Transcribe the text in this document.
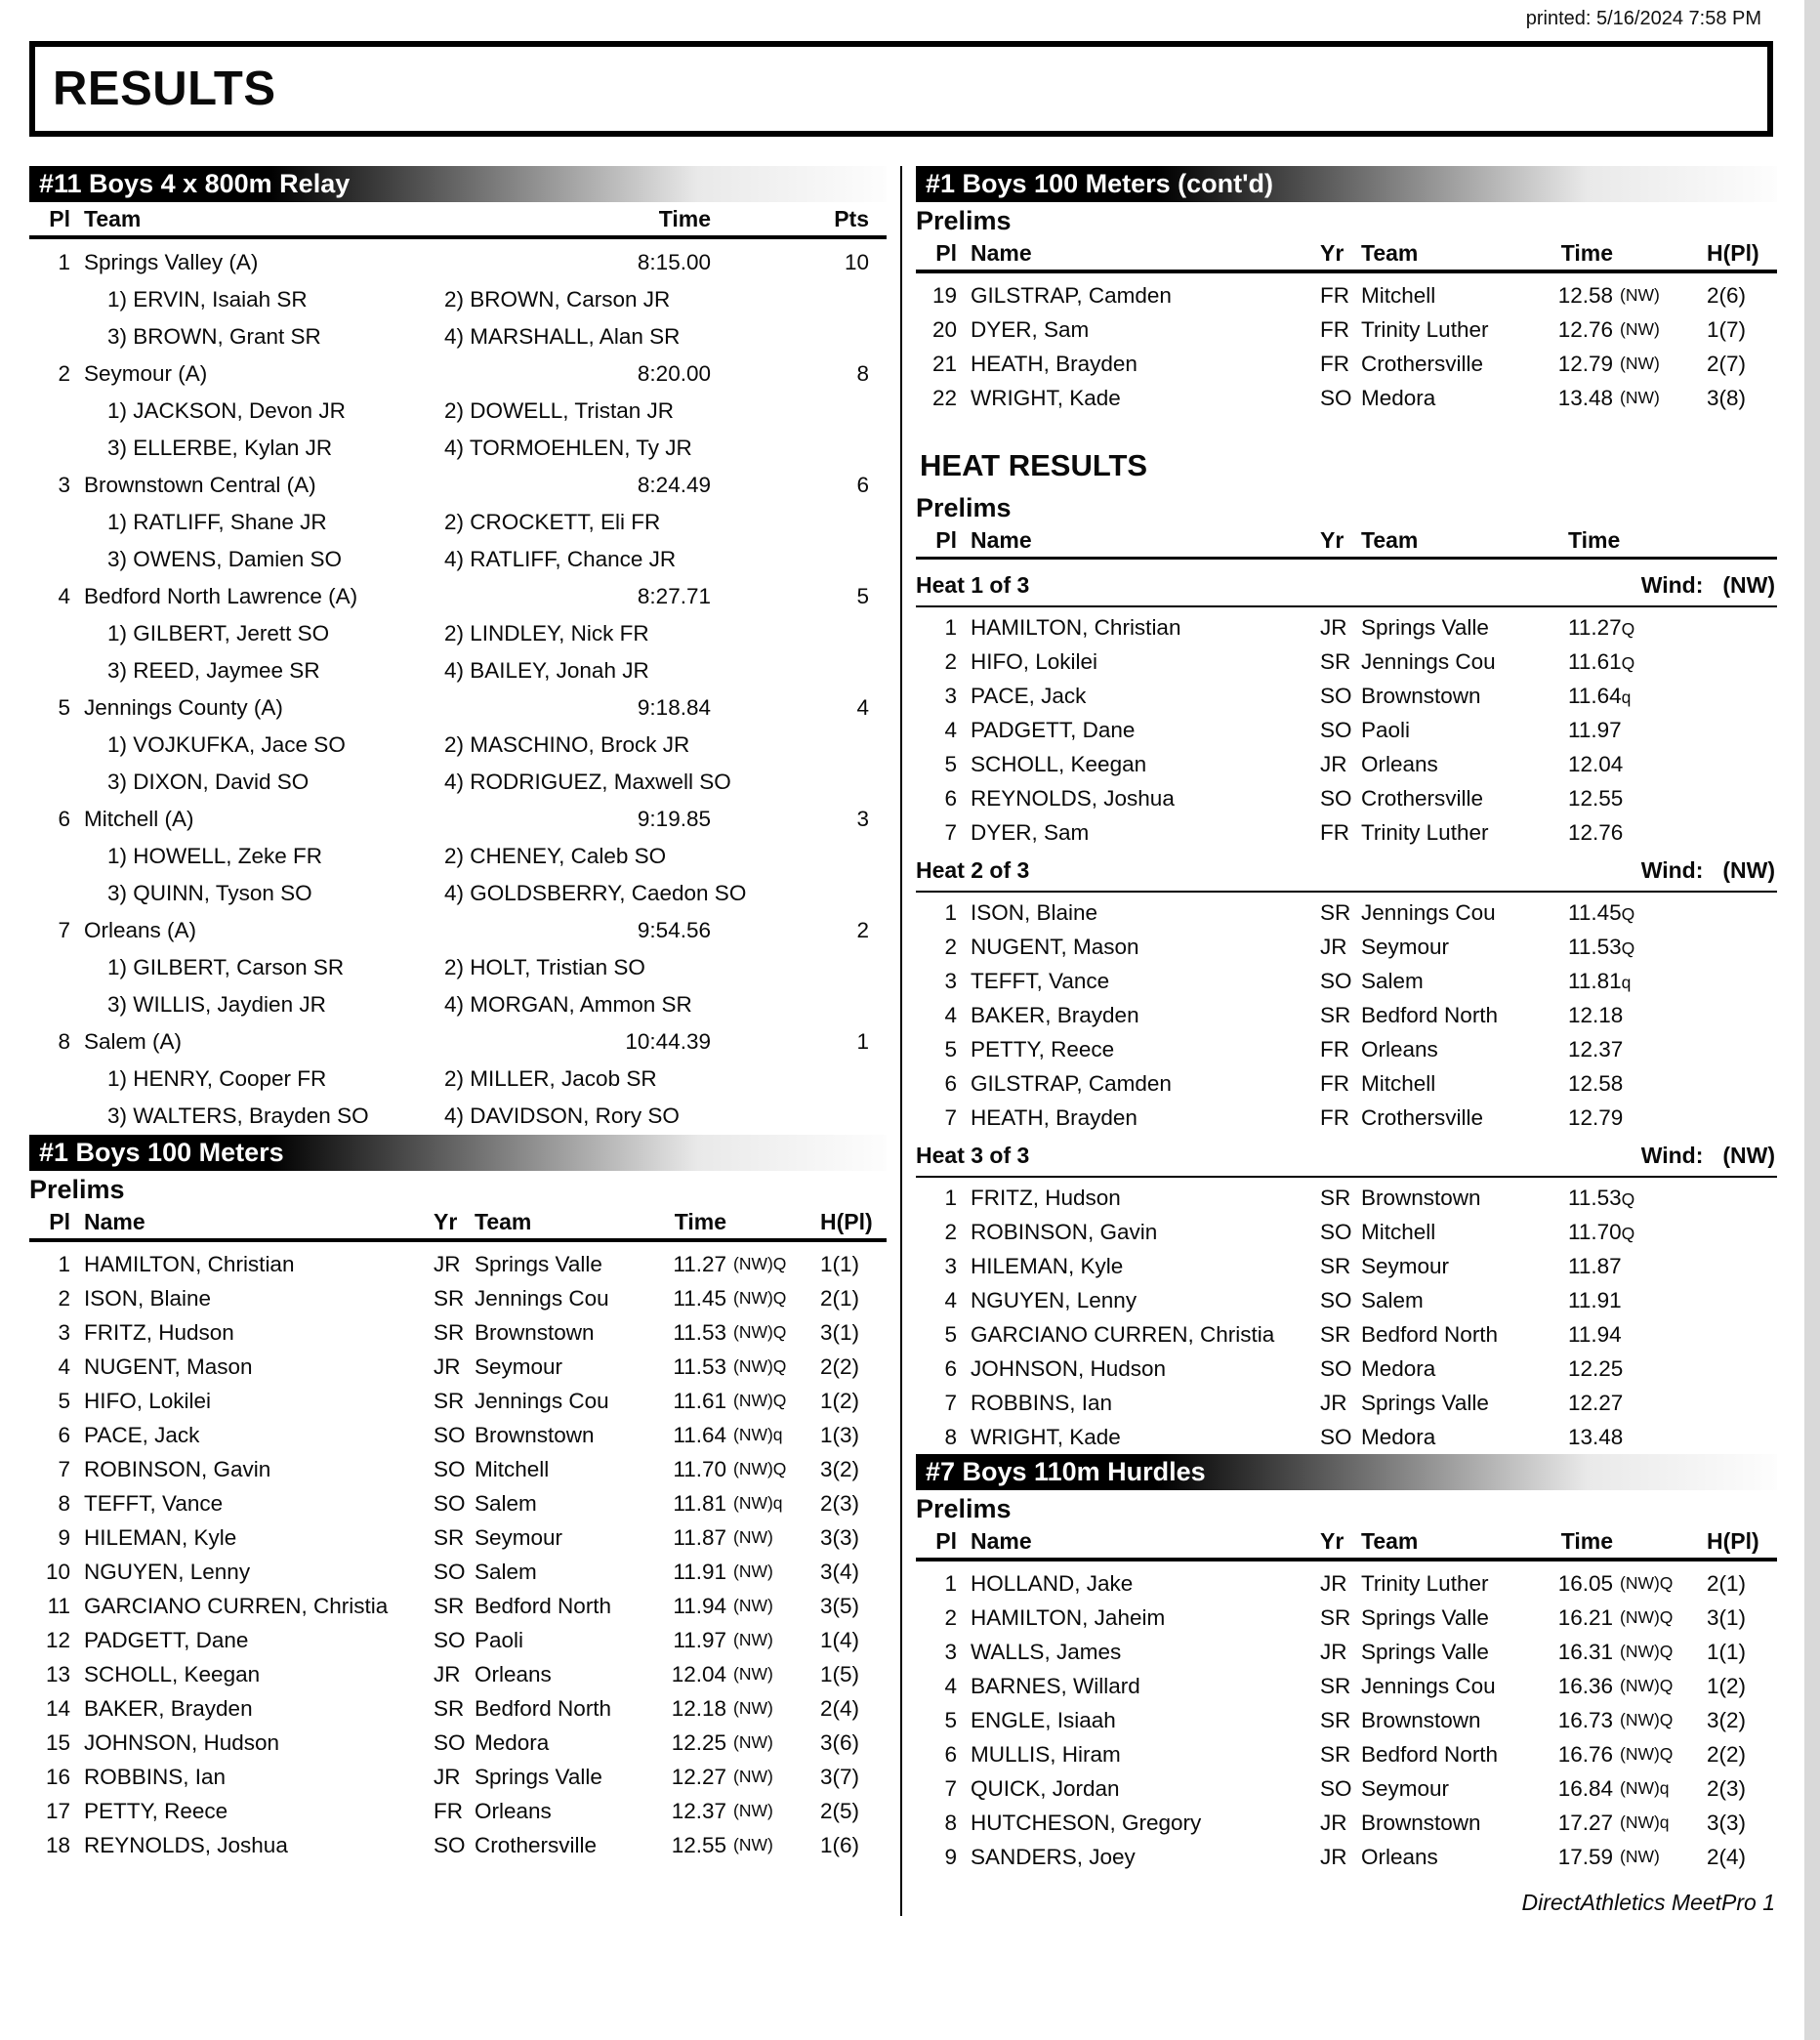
printed: 5/16/2024 7:58 PM
RESULTS
#11 Boys 4 x 800m Relay
Pl Team	Time	Pts
1 Springs Valley (A)	8:15.00	10
1) ERVIN, Isaiah SR	2) BROWN, Carson JR
3) BROWN, Grant SR	4) MARSHALL, Alan SR
2 Seymour (A)	8:20.00	8
1) JACKSON, Devon JR	2) DOWELL, Tristan JR
3) ELLERBE, Kylan JR	4) TORMOEHLEN, Ty JR
3 Brownstown Central (A)	8:24.49	6
1) RATLIFF, Shane JR	2) CROCKETT, Eli FR
3) OWENS, Damien SO	4) RATLIFF, Chance JR
4 Bedford North Lawrence (A)	8:27.71	5
1) GILBERT, Jerett SO	2) LINDLEY, Nick FR
3) REED, Jaymee SR	4) BAILEY, Jonah JR
5 Jennings County (A)	9:18.84	4
1) VOJKUFKA, Jace SO	2) MASCHINO, Brock JR
3) DIXON, David SO	4) RODRIGUEZ, Maxwell SO
6 Mitchell (A)	9:19.85	3
1) HOWELL, Zeke FR	2) CHENEY, Caleb SO
3) QUINN, Tyson SO	4) GOLDSBERRY, Caedon SO
7 Orleans (A)	9:54.56	2
1) GILBERT, Carson SR	2) HOLT, Tristian SO
3) WILLIS, Jaydien JR	4) MORGAN, Ammon SR
8 Salem (A)	10:44.39	1
1) HENRY, Cooper FR	2) MILLER, Jacob SR
3) WALTERS, Brayden SO	4) DAVIDSON, Rory SO
#1 Boys 100 Meters
Prelims
Pl Name	Yr Team	Time	H(Pl)
1 HAMILTON, Christian	JR Springs Valle	11.27 (NW)Q	1(1)
2 ISON, Blaine	SR Jennings Cou	11.45 (NW)Q	2(1)
3 FRITZ, Hudson	SR Brownstown	11.53 (NW)Q	3(1)
4 NUGENT, Mason	JR Seymour	11.53 (NW)Q	2(2)
5 HIFO, Lokilei	SR Jennings Cou	11.61 (NW)Q	1(2)
6 PACE, Jack	SO Brownstown	11.64 (NW)q	1(3)
7 ROBINSON, Gavin	SO Mitchell	11.70 (NW)Q	3(2)
8 TEFFT, Vance	SO Salem	11.81 (NW)q	2(3)
9 HILEMAN, Kyle	SR Seymour	11.87 (NW)	3(3)
10 NGUYEN, Lenny	SO Salem	11.91 (NW)	3(4)
11 GARCIANO CURREN, Christia	SR Bedford North	11.94 (NW)	3(5)
12 PADGETT, Dane	SO Paoli	11.97 (NW)	1(4)
13 SCHOLL, Keegan	JR Orleans	12.04 (NW)	1(5)
14 BAKER, Brayden	SR Bedford North	12.18 (NW)	2(4)
15 JOHNSON, Hudson	SO Medora	12.25 (NW)	3(6)
16 ROBBINS, Ian	JR Springs Valle	12.27 (NW)	3(7)
17 PETTY, Reece	FR Orleans	12.37 (NW)	2(5)
18 REYNOLDS, Joshua	SO Crothersville	12.55 (NW)	1(6)
#1 Boys 100 Meters (cont'd)
Prelims
Pl Name	Yr Team	Time	H(Pl)
19 GILSTRAP, Camden	FR Mitchell	12.58 (NW)	2(6)
20 DYER, Sam	FR Trinity Luther	12.76 (NW)	1(7)
21 HEATH, Brayden	FR Crothersville	12.79 (NW)	2(7)
22 WRIGHT, Kade	SO Medora	13.48 (NW)	3(8)
HEAT RESULTS
Prelims
Pl Name	Yr Team	Time
Heat 1 of 3	Wind: (NW)
1 HAMILTON, Christian	JR Springs Valle	11.27Q
2 HIFO, Lokilei	SR Jennings Cou	11.61Q
3 PACE, Jack	SO Brownstown	11.64q
4 PADGETT, Dane	SO Paoli	11.97
5 SCHOLL, Keegan	JR Orleans	12.04
6 REYNOLDS, Joshua	SO Crothersville	12.55
7 DYER, Sam	FR Trinity Luther	12.76
Heat 2 of 3	Wind: (NW)
1 ISON, Blaine	SR Jennings Cou	11.45Q
2 NUGENT, Mason	JR Seymour	11.53Q
3 TEFFT, Vance	SO Salem	11.81q
4 BAKER, Brayden	SR Bedford North	12.18
5 PETTY, Reece	FR Orleans	12.37
6 GILSTRAP, Camden	FR Mitchell	12.58
7 HEATH, Brayden	FR Crothersville	12.79
Heat 3 of 3	Wind: (NW)
1 FRITZ, Hudson	SR Brownstown	11.53Q
2 ROBINSON, Gavin	SO Mitchell	11.70Q
3 HILEMAN, Kyle	SR Seymour	11.87
4 NGUYEN, Lenny	SO Salem	11.91
5 GARCIANO CURREN, Christia	SR Bedford North	11.94
6 JOHNSON, Hudson	SO Medora	12.25
7 ROBBINS, Ian	JR Springs Valle	12.27
8 WRIGHT, Kade	SO Medora	13.48
#7 Boys 110m Hurdles
Prelims
Pl Name	Yr Team	Time	H(Pl)
1 HOLLAND, Jake	JR Trinity Luther	16.05 (NW)Q	2(1)
2 HAMILTON, Jaheim	SR Springs Valle	16.21 (NW)Q	3(1)
3 WALLS, James	JR Springs Valle	16.31 (NW)Q	1(1)
4 BARNES, Willard	SR Jennings Cou	16.36 (NW)Q	1(2)
5 ENGLE, Isiaah	SR Brownstown	16.73 (NW)Q	3(2)
6 MULLIS, Hiram	SR Bedford North	16.76 (NW)Q	2(2)
7 QUICK, Jordan	SO Seymour	16.84 (NW)q	2(3)
8 HUTCHESON, Gregory	JR Brownstown	17.27 (NW)q	3(3)
9 SANDERS, Joey	JR Orleans	17.59 (NW)	2(4)
DirectAthletics MeetPro 1
